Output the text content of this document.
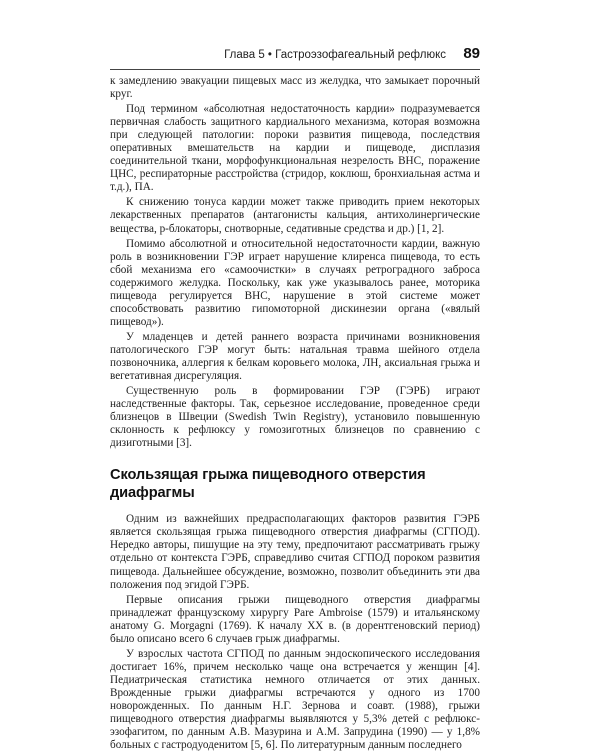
Глава 5 • Гастроэзофагеальный рефлюкс 89

к замедлению эвакуации пищевых масс из желудка, что замыкает порочный круг.

Под термином «абсолютная недостаточность кардии» подразумевается первичная слабость защитного кардиального механизма, которая возможна при следующей патологии: пороки развития пищевода, последствия оперативных вмешательств на кардии и пищеводе, дисплазия соединительной ткани, морфофункциональная незрелость ВНС, поражение ЦНС, респираторные расстройства (стридор, коклюш, бронхиальная астма и т.д.), ПА.

К снижению тонуса кардии может также приводить прием некоторых лекарственных препаратов (антагонисты кальция, антихолинергические вещества, р-блокаторы, снотворные, седативные средства и др.) [1, 2].

Помимо абсолютной и относительной недостаточности кардии, важную роль в возникновении ГЭР играет нарушение клиренса пищевода, то есть сбой механизма его «самоочистки» в случаях ретроградного заброса содержимого желудка. Поскольку, как уже указывалось ранее, моторика пищевода регулируется ВНС, нарушение в этой системе может способствовать развитию гипомоторной дискинезии органа («вялый пищевод»).

У младенцев и детей раннего возраста причинами возникновения патологического ГЭР могут быть: натальная травма шейного отдела позвоночника, аллергия к белкам коровьего молока, ЛН, аксиальная грыжа и вегетативная дисрегуляция.

Существенную роль в формировании ГЭР (ГЭРБ) играют наследственные факторы. Так, серьезное исследование, проведенное среди близнецов в Швеции (Swedish Twin Registry), установило повышенную склонность к рефлюксу у гомозиготных близнецов по сравнению с дизиготными [3].

Скользящая грыжа пищеводного отверстия диафрагмы

Одним из важнейших предрасполагающих факторов развития ГЭРБ является скользящая грыжа пищеводного отверстия диафрагмы (СГПОД). Нередко авторы, пишущие на эту тему, предпочитают рассматривать грыжу отдельно от контекста ГЭРБ, справедливо считая СГПОД пороком развития пищевода. Дальнейшее обсуждение, возможно, позволит объединить эти два положения под эгидой ГЭРБ.

Первые описания грыжи пищеводного отверстия диафрагмы принадлежат французскому хирургу Pare Ambroise (1579) и итальянскому анатому G. Morgagni (1769). К началу XX в. (в дорентгеновский период) было описано всего 6 случаев грыж диафрагмы.

У взрослых частота СГПОД по данным эндоскопического исследования достигает 16%, причем несколько чаще она встречается у женщин [4]. Педиатрическая статистика немного отличается от этих данных. Врожденные грыжи диафрагмы встречаются у одного из 1700 новорожденных. По данным Н.Г. Зернова и соавт. (1988), грыжи пищеводного отверстия диафрагмы выявляются у 5,3% детей с рефлюкс-эзофагитом, по данным А.В. Мазурина и А.М. Запрудина (1990) — у 1,8% больных с гастродуоденитом [5, 6]. По литературным данным последнего
